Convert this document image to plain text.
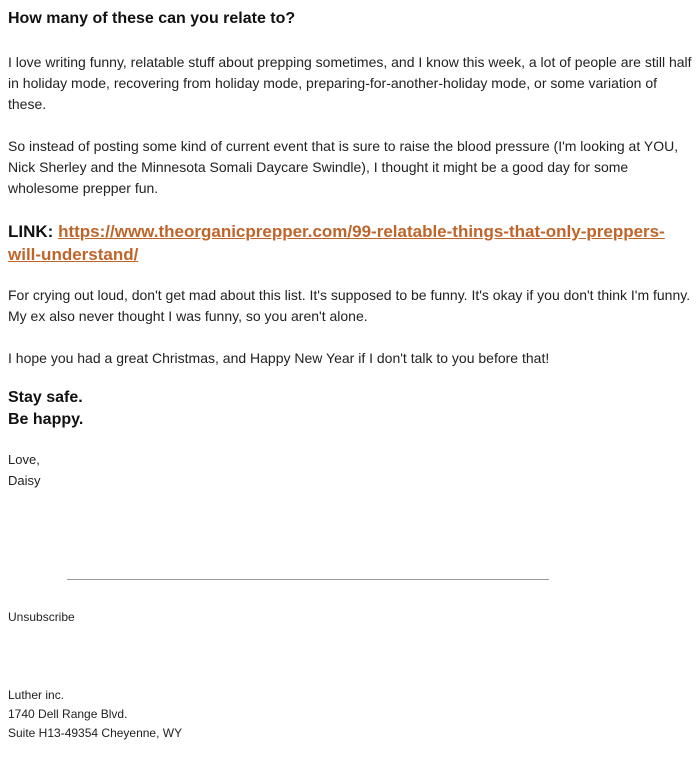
How many of these can you relate to?

I love writing funny, relatable stuff about prepping sometimes, and I know this week, a lot of people are still half in holiday mode, recovering from holiday mode, preparing-for-another-holiday mode, or some variation of these.

So instead of posting some kind of current event that is sure to raise the blood pressure (I'm looking at YOU, Nick Sherley and the Minnesota Somali Daycare Swindle), I thought it might be a good day for some wholesome prepper fun.

LINK: https://www.theorganicprepper.com/99-relatable-things-that-only-preppers-will-understand/

For crying out loud, don't get mad about this list. It's supposed to be funny. It's okay if you don't think I'm funny. My ex also never thought I was funny, so you aren't alone.

I hope you had a great Christmas, and Happy New Year if I don't talk to you before that!

Stay safe.
Be happy.
Love,
Daisy
Unsubscribe
Luther inc.
1740 Dell Range Blvd.
Suite H13-49354 Cheyenne, WY
